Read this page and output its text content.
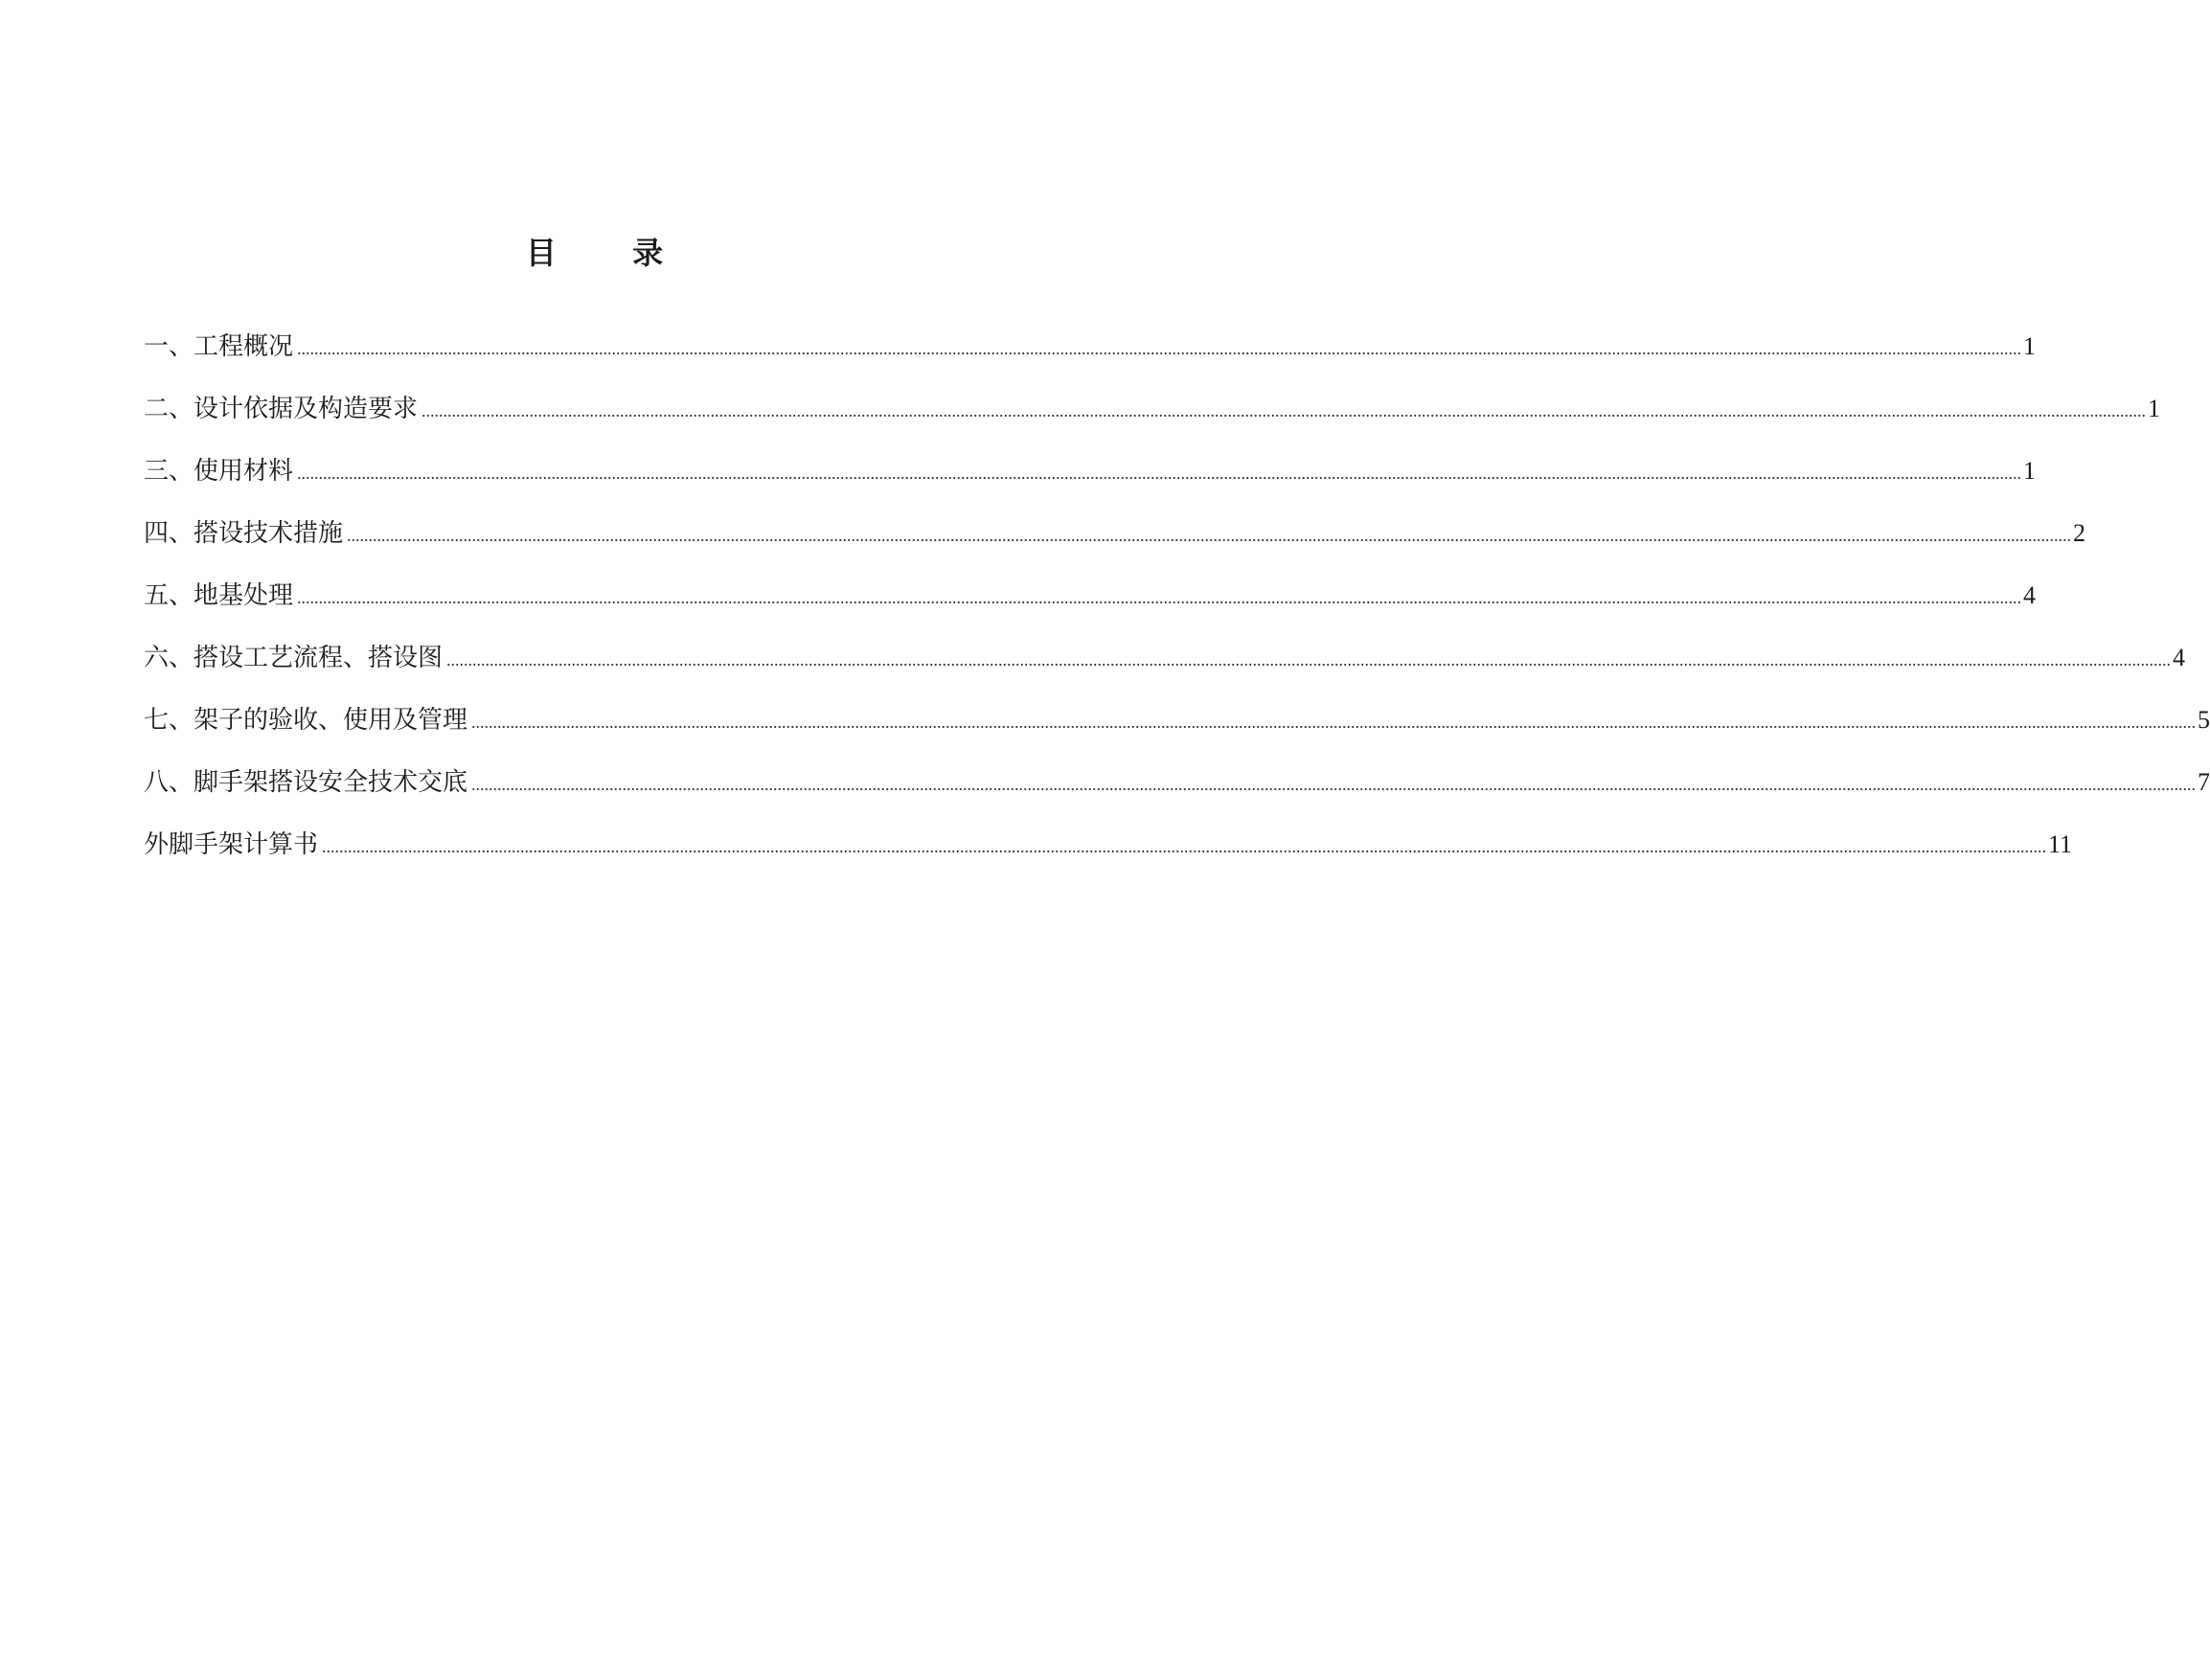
目 录
一、工程概况 ................................................................................................................................................................................................................................................................................................................................................................................................................ 1
二、设计依据及构造要求 ................................................................................................................................................................................................................................................................................................................................................................................................................ 1
三、使用材料 ................................................................................................................................................................................................................................................................................................................................................................................................................ 1
四、搭设技术措施 ................................................................................................................................................................................................................................................................................................................................................................................................................ 2
五、地基处理 ................................................................................................................................................................................................................................................................................................................................................................................................................ 4
六、搭设工艺流程、搭设图 ................................................................................................................................................................................................................................................................................................................................................................................................................ 4
七、架子的验收、使用及管理 ................................................................................................................................................................................................................................................................................................................................................................................................................ 5
八、脚手架搭设安全技术交底 ................................................................................................................................................................................................................................................................................................................................................................................................................ 7
外脚手架计算书 ................................................................................................................................................................................................................................................................................................................................................................................................................ 11
